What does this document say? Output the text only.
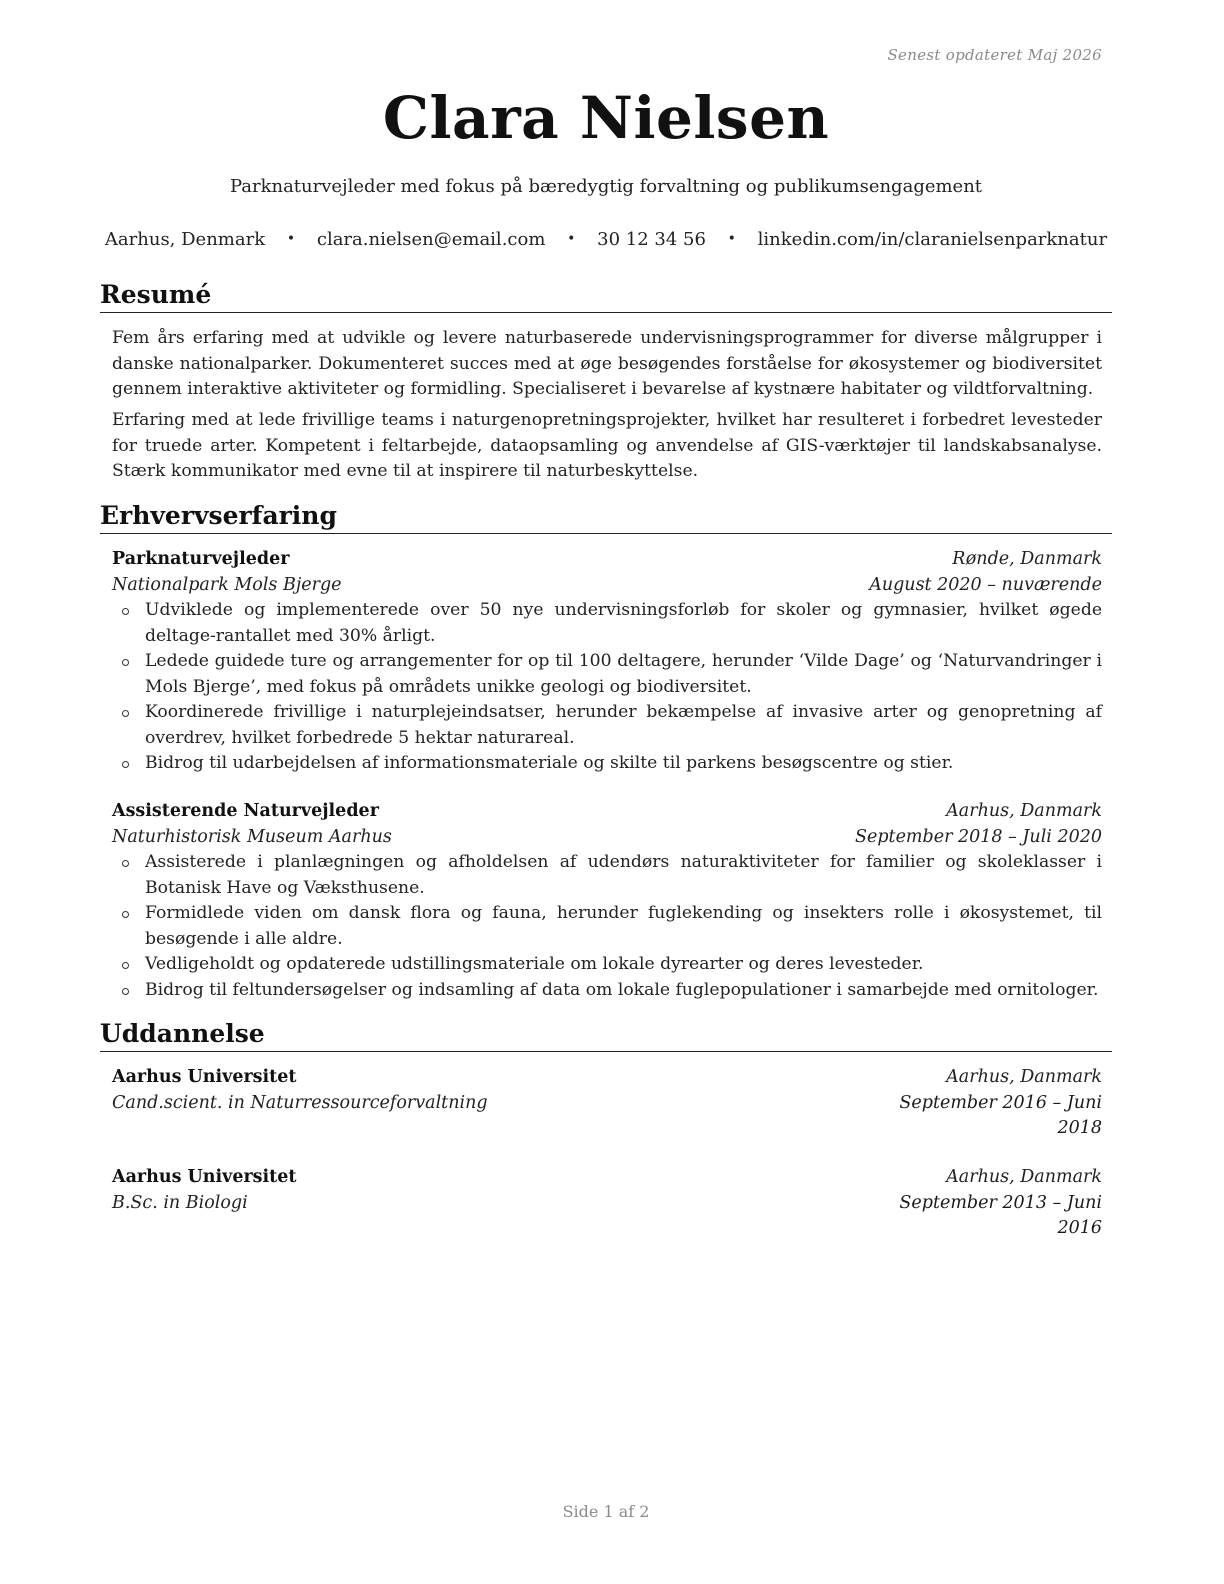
Senest opdateret Maj 2026
Clara Nielsen
Parknaturvejleder med fokus på bæredygtig forvaltning og publikumsengagement
Aarhus, Denmark • clara.nielsen@email.com • 30 12 34 56 • linkedin.com/in/claranielsenparknatur
Resumé

Fem års erfaring med at udvikle og levere naturbaserede undervisningsprogrammer for diverse målgrupper i danske nationalparker. Dokumenteret succes med at øge besøgendes forståelse for økosystemer og biodiversitet gennem interaktive aktiviteter og formidling. Specialiseret i bevarelse af kystnære habitater og vildtforvaltning.

Erfaring med at lede frivillige teams i naturgenopretningsprojekter, hvilket har resulteret i forbedret levesteder for truede arter. Kompetent i feltarbejde, dataopsamling og anvendelse af GIS-værktøjer til landskabsanalyse. Stærk kommunikator med evne til at inspirere til naturbeskyttelse.

Erhvervserfaring
Parknaturvejleder	Rønde, Danmark
Nationalpark Mols Bjerge	August 2020 – nuværende
Udviklede og implementerede over 50 nye undervisningsforløb for skoler og gymnasier, hvilket øgede deltage-rantallet med 30% årligt.
Ledede guidede ture og arrangementer for op til 100 deltagere, herunder ‘Vilde Dage’ og ‘Naturvandringer i Mols Bjerge’, med fokus på områdets unikke geologi og biodiversitet.
Koordinerede frivillige i naturplejeindsatser, herunder bekæmpelse af invasive arter og genopretning af overdrev, hvilket forbedrede 5 hektar naturareal.
Bidrog til udarbejdelsen af informationsmateriale og skilte til parkens besøgscentre og stier.
Assisterende Naturvejleder	Aarhus, Danmark
Naturhistorisk Museum Aarhus	September 2018 – Juli 2020
Assisterede i planlægningen og afholdelsen af udendørs naturaktiviteter for familier og skoleklasser i Botanisk Have og Væksthusene.
Formidlede viden om dansk flora og fauna, herunder fuglekending og insekters rolle i økosystemet, til besøgende i alle aldre.
Vedligeholdt og opdaterede udstillingsmateriale om lokale dyrearter og deres levesteder.
Bidrog til feltundersøgelser og indsamling af data om lokale fuglepopulationer i samarbejde med ornitologer.
Uddannelse
Aarhus Universitet	Aarhus, Danmark
Cand.scient. in Naturressourceforvaltning	September 2016 – Juni
2018
Aarhus Universitet	Aarhus, Danmark
B.Sc. in Biologi	September 2013 – Juni
2016
Side 1 af 2
